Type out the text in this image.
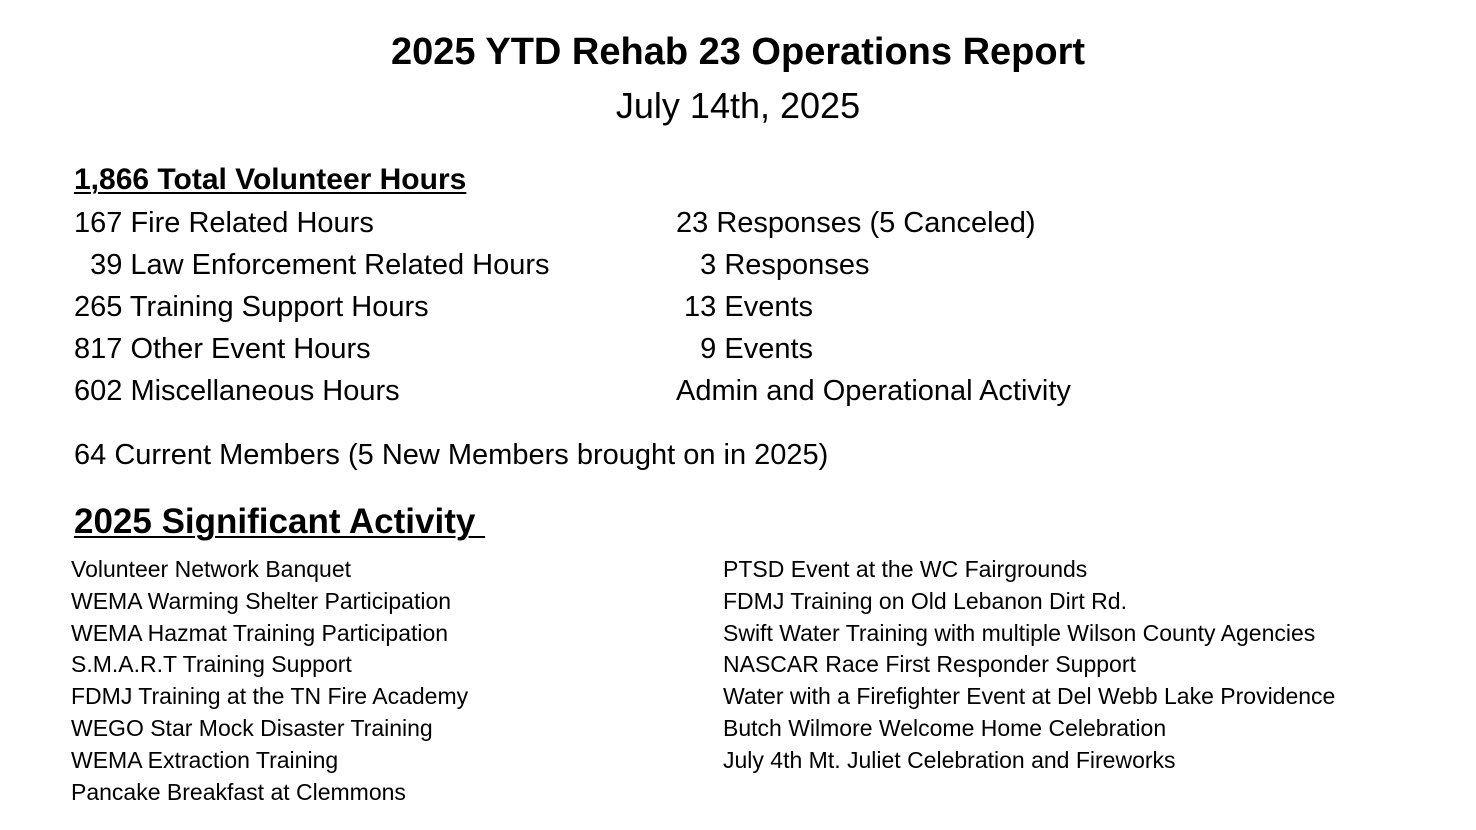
2025 YTD Rehab 23 Operations Report
July 14th, 2025
1,866 Total Volunteer Hours
167 Fire Related Hours	23 Responses (5 Canceled)
39 Law Enforcement Related Hours	3 Responses
265 Training Support Hours	13 Events
817 Other Event Hours	9 Events
602 Miscellaneous Hours	Admin and Operational Activity
64 Current Members (5 New Members brought on in 2025)
2025 Significant Activity
Volunteer Network Banquet
WEMA Warming Shelter Participation
WEMA Hazmat Training Participation
S.M.A.R.T Training Support
FDMJ Training at the TN Fire Academy
WEGO Star Mock Disaster Training
WEMA Extraction Training
Pancake Breakfast at Clemmons
PTSD Event at the WC Fairgrounds
FDMJ Training on Old Lebanon Dirt Rd.
Swift Water Training with multiple Wilson County Agencies
NASCAR Race First Responder Support
Water with a Firefighter Event at Del Webb Lake Providence
Butch Wilmore Welcome Home Celebration
July 4th Mt. Juliet Celebration and Fireworks
